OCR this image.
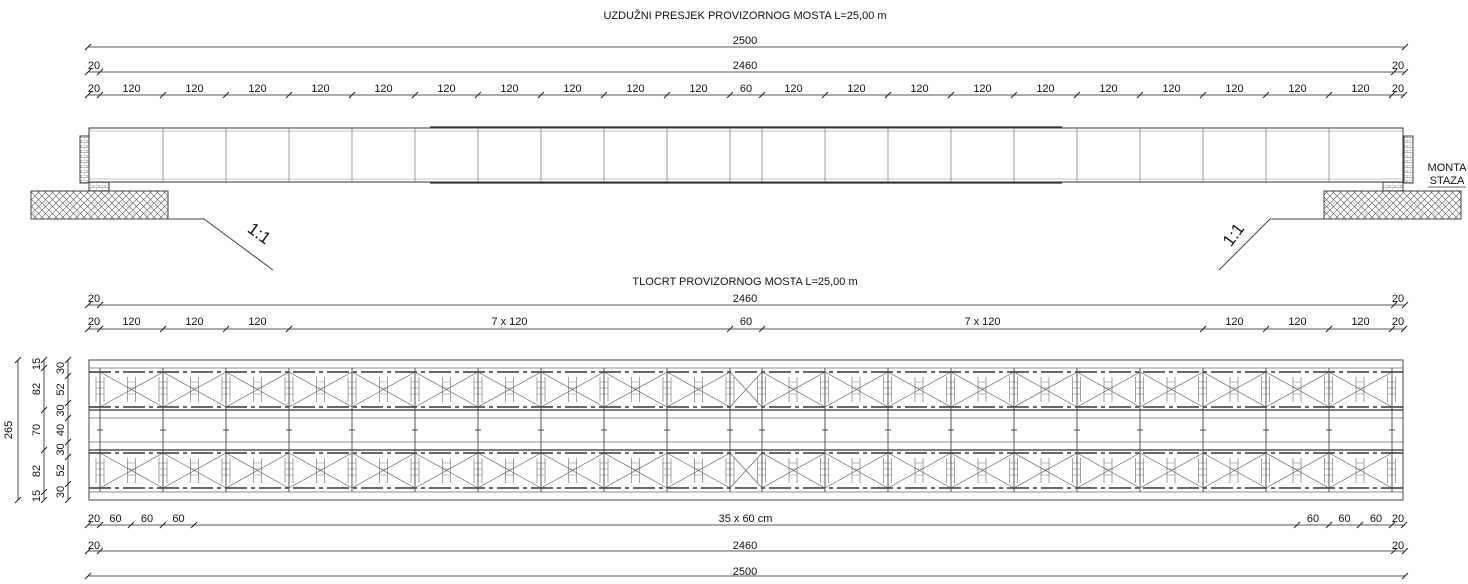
UZDUŽNI PRESJEK PROVIZORNOG MOSTA L=25,00 m
2500
20	2460	20
20 120	120	120	120	120	120	120	120	120	120	60	120	120	120	120	120	120	120	120	120	120 20
1:1	1:1
MONTA
STAZA
TLOCRT PROVIZORNOG MOSTA L=25,00 m
20	2460	20
20 120	120	120	7 x 120	60	7 x 120	120	120	120 20
265
15
82
70
82
15
30
52
30
40
30
52
30
20 60 60 60	35 x 60 cm	60 60 60 20
20	2460	20
2500
